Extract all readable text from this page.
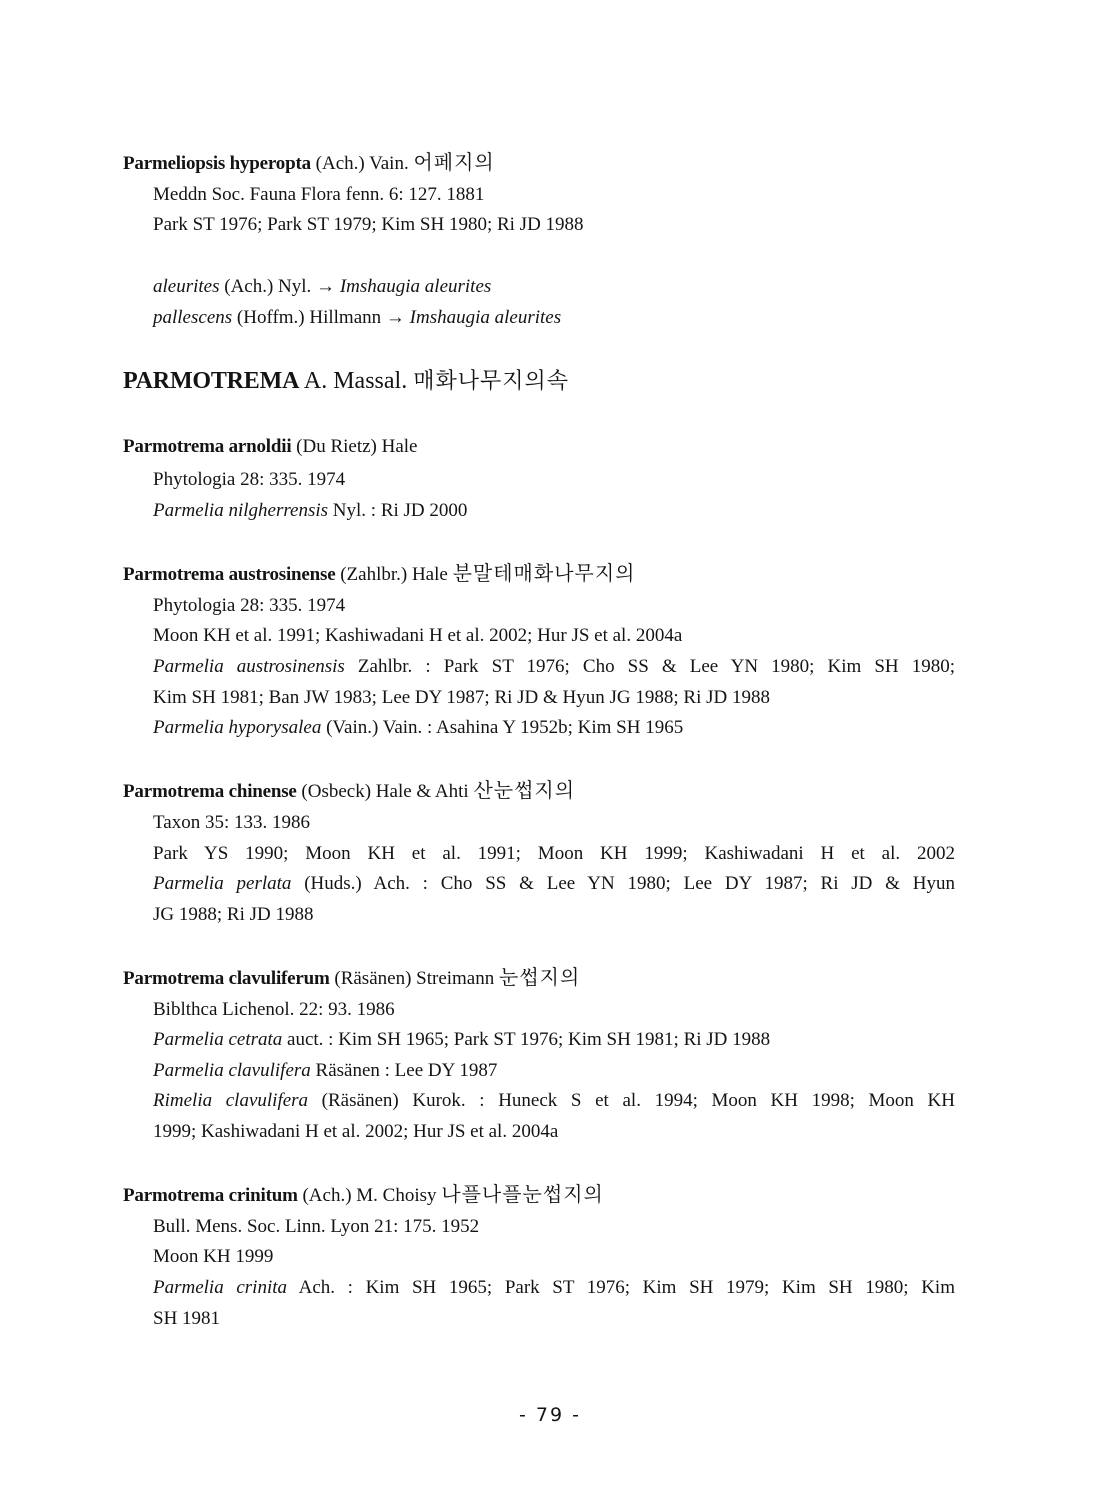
Parmeliopsis hyperopta (Ach.) Vain. 어페지의
Meddn Soc. Fauna Flora fenn. 6: 127. 1881
Park ST 1976; Park ST 1979; Kim SH 1980; Ri JD 1988
aleurites (Ach.) Nyl. → Imshaugia aleurites
pallescens (Hoffm.) Hillmann → Imshaugia aleurites
PARMOTREMA A. Massal. 매화나무지의속
Parmotrema arnoldii (Du Rietz) Hale
Phytologia 28: 335. 1974
Parmelia nilgherrensis Nyl. : Ri JD 2000
Parmotrema austrosinense (Zahlbr.) Hale 분말테매화나무지의
Phytologia 28: 335. 1974
Moon KH et al. 1991; Kashiwadani H et al. 2002; Hur JS et al. 2004a
Parmelia austrosinensis Zahlbr. : Park ST 1976; Cho SS & Lee YN 1980; Kim SH 1980;
Kim SH 1981; Ban JW 1983; Lee DY 1987; Ri JD & Hyun JG 1988; Ri JD 1988
Parmelia hyporysalea (Vain.) Vain. : Asahina Y 1952b; Kim SH 1965
Parmotrema chinense (Osbeck) Hale & Ahti 산눈썹지의
Taxon 35: 133. 1986
Park YS 1990; Moon KH et al. 1991; Moon KH 1999; Kashiwadani H et al. 2002
Parmelia perlata (Huds.) Ach. : Cho SS & Lee YN 1980; Lee DY 1987; Ri JD & Hyun
JG 1988; Ri JD 1988
Parmotrema clavuliferum (Räsänen) Streimann 눈썹지의
Biblthca Lichenol. 22: 93. 1986
Parmelia cetrata auct. : Kim SH 1965; Park ST 1976; Kim SH 1981; Ri JD 1988
Parmelia clavulifera Räsänen : Lee DY 1987
Rimelia clavulifera (Räsänen) Kurok. : Huneck S et al. 1994; Moon KH 1998; Moon KH
1999; Kashiwadani H et al. 2002; Hur JS et al. 2004a
Parmotrema crinitum (Ach.) M. Choisy 나플나플눈썹지의
Bull. Mens. Soc. Linn. Lyon 21: 175. 1952
Moon KH 1999
Parmelia crinita Ach. : Kim SH 1965; Park ST 1976; Kim SH 1979; Kim SH 1980; Kim
SH 1981
- 79 -
